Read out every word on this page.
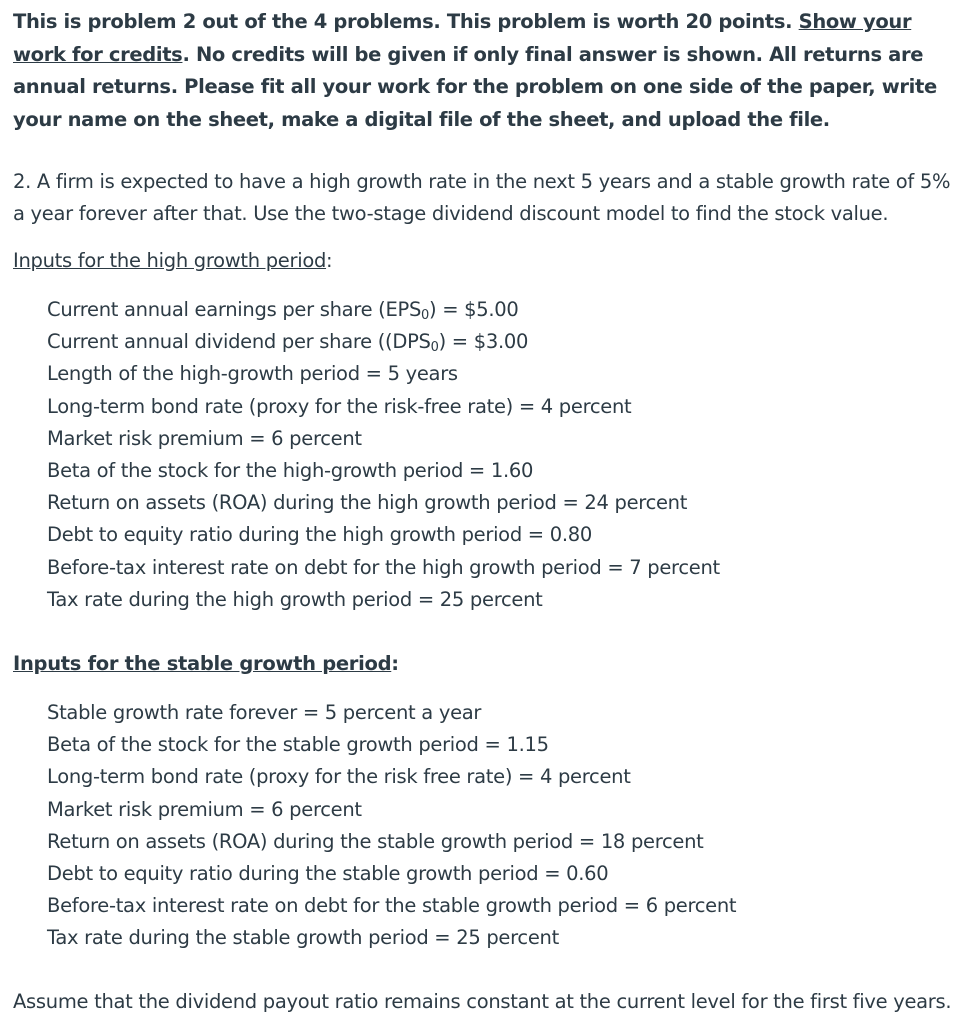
This is problem 2 out of the 4 problems. This problem is worth 20 points. Show your work for credits. No credits will be given if only final answer is shown. All returns are annual returns. Please fit all your work for the problem on one side of the paper, write your name on the sheet, make a digital file of the sheet, and upload the file.
2. A firm is expected to have a high growth rate in the next 5 years and a stable growth rate of 5% a year forever after that. Use the two-stage dividend discount model to find the stock value.
Inputs for the high growth period:
Current annual earnings per share $(EPS_0)$ = $5.00
Current annual dividend per share ($(DPS_0)$ = $3.00
Length of the high-growth period = 5 years
Long-term bond rate (proxy for the risk-free rate) = 4 percent
Market risk premium = 6 percent
Beta of the stock for the high-growth period = 1.60
Return on assets (ROA) during the high growth period = 24 percent
Debt to equity ratio during the high growth period = 0.80
Before-tax interest rate on debt for the high growth period = 7 percent
Tax rate during the high growth period = 25 percent
Inputs for the stable growth period:
Stable growth rate forever = 5 percent a year
Beta of the stock for the stable growth period = 1.15
Long-term bond rate (proxy for the risk free rate) = 4 percent
Market risk premium = 6 percent
Return on assets (ROA) during the stable growth period = 18 percent
Debt to equity ratio during the stable growth period = 0.60
Before-tax interest rate on debt for the stable growth period = 6 percent
Tax rate during the stable growth period = 25 percent
Assume that the dividend payout ratio remains constant at the current level for the first five years.
